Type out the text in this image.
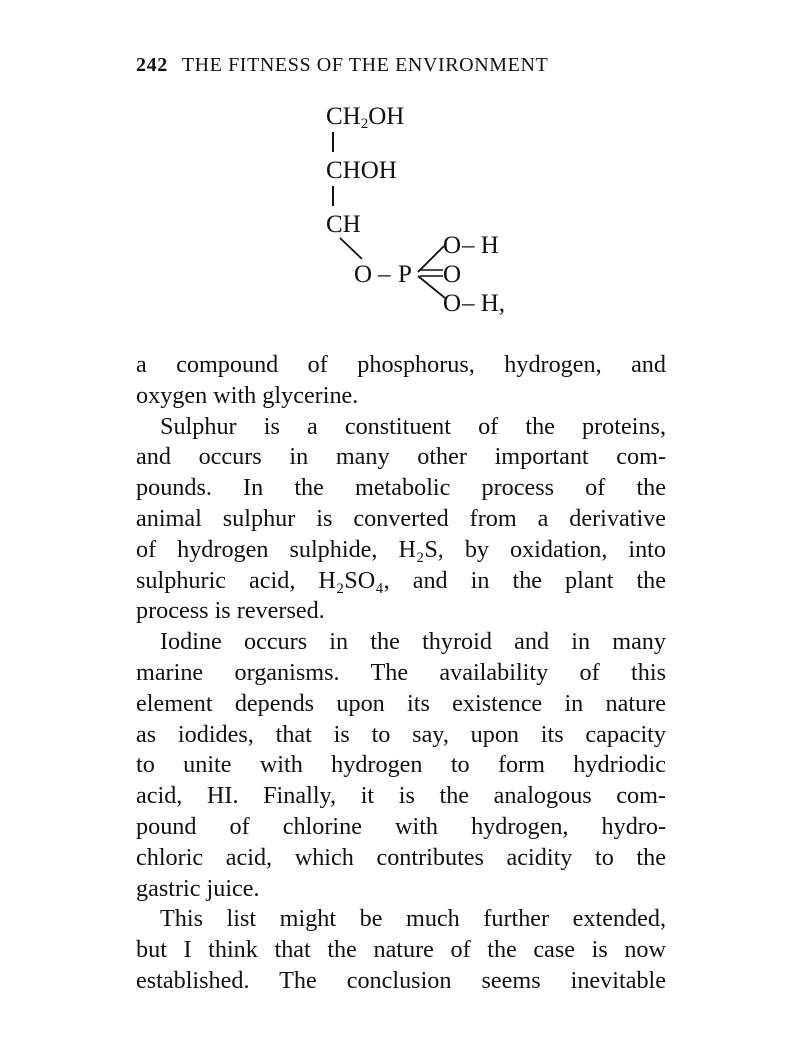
242 THE FITNESS OF THE ENVIRONMENT
$CH_2OH$
CHOH
CH
O – P O
O – H
O – H,

a compound of phosphorus, hydrogen, and
oxygen with glycerine.

Sulphur is a constituent of the proteins,
and occurs in many other important com-
pounds. In the metabolic process of the
animal sulphur is converted from a derivative
of hydrogen sulphide, H₂S, by oxidation, into
sulphuric acid, H₂SO₄, and in the plant the
process is reversed.

Iodine occurs in the thyroid and in many
marine organisms. The availability of this
element depends upon its existence in nature
as iodides, that is to say, upon its capacity
to unite with hydrogen to form hydriodic
acid, HI. Finally, it is the analogous com-
pound of chlorine with hydrogen, hydro-
chloric acid, which contributes acidity to the
gastric juice.

This list might be much further extended,
but I think that the nature of the case is now
established. The conclusion seems inevitable
